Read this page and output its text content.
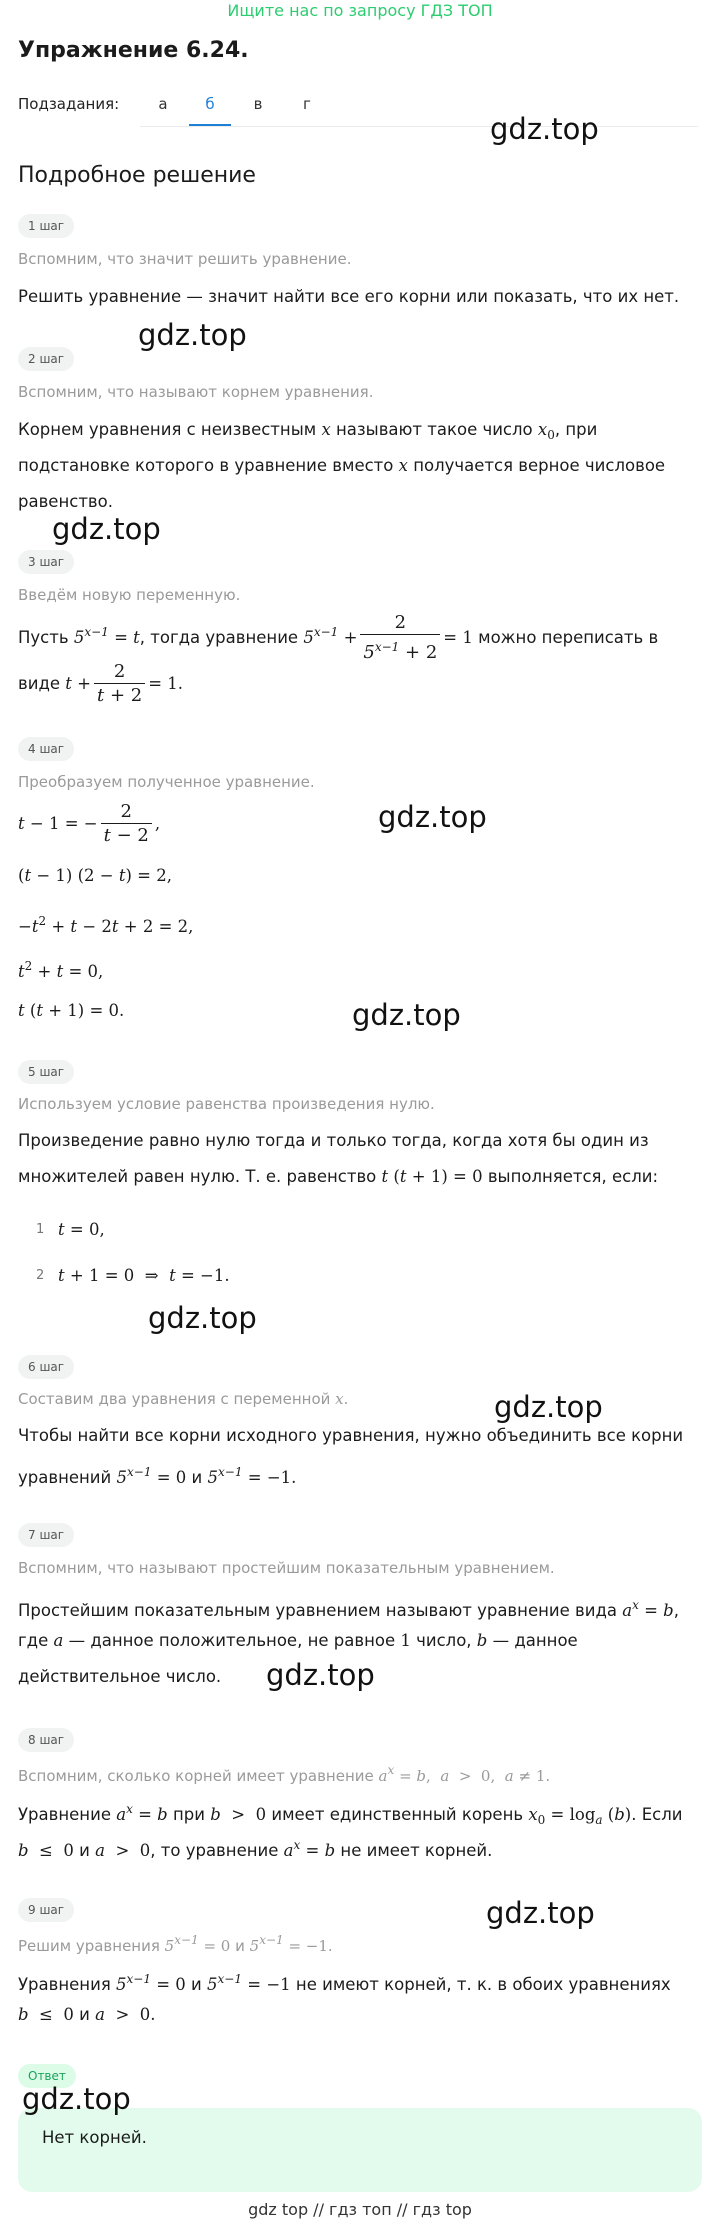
Ищите нас по запросу ГДЗ ТОП
Упражнение 6.24.
Подзадания:	а	б	в	г
gdz.top
Подробное решение
1 шаг
Вспомним, что значит решить уравнение.
Решить уравнение — значит найти все его корни или показать, что их нет.
gdz.top
2 шаг
Вспомним, что называют корнем уравнения.
Корнем уравнения с неизвестным x называют такое число $x_0$, при
подстановке которого в уравнение вместо x получается верное числовое
равенство.
gdz.top
3 шаг
Введём новую переменную.
Пусть $5^{x-1} = t$, тогда уравнение $5^{x-1} + \frac{2}{5^{x-1} + 2} = 1$ можно переписать в
виде $t + \frac{2}{t + 2} = 1$.
4 шаг
Преобразуем полученное уравнение.
t − 1 = − $\frac{2}{t - 2}$ ,	gdz.top
(t − 1) (2 − t) = 2,
$-t^2 + t - 2t + 2 = 2$,
$t^2 + t = 0$,
t (t + 1) = 0.	gdz.top
5 шаг
Используем условие равенства произведения нулю.
Произведение равно нулю тогда и только тогда, когда хотя бы один из
множителей равен нулю. Т. е. равенство t (t + 1) = 0 выполняется, если:
1 t = 0,
2 t + 1 = 0  ⇒  t = −1.
gdz.top
6 шаг
Составим два уравнения с переменной x.	gdz.top
Чтобы найти все корни исходного уравнения, нужно объединить все корни
уравнений $5^{x-1} = 0$ и $5^{x-1} = -1$.
7 шаг
Вспомним, что называют простейшим показательным уравнением.
Простейшим показательным уравнением называют уравнение вида $a^x = b$,
где a — данное положительное, не равное 1 число, b — данное
действительное число.	gdz.top
8 шаг
Вспомним, сколько корней имеет уравнение $a^x = b$,  a  >  0,  a ≠ 1.
Уравнение $a^x = b$ при b  >  0 имеет единственный корень $x_0 = \log_a (b)$. Если
b  ≤  0 и a  >  0, то уравнение $a^x = b$ не имеет корней.
9 шаг	gdz.top
Решим уравнения $5^{x-1} = 0$ и $5^{x-1} = -1$.
Уравнения $5^{x-1} = 0$ и $5^{x-1} = -1$ не имеют корней, т. к. в обоих уравнениях
b  ≤  0 и a  >  0.
Ответ
gdz.top
Нет корней.
gdz top // гдз топ // гдз top
